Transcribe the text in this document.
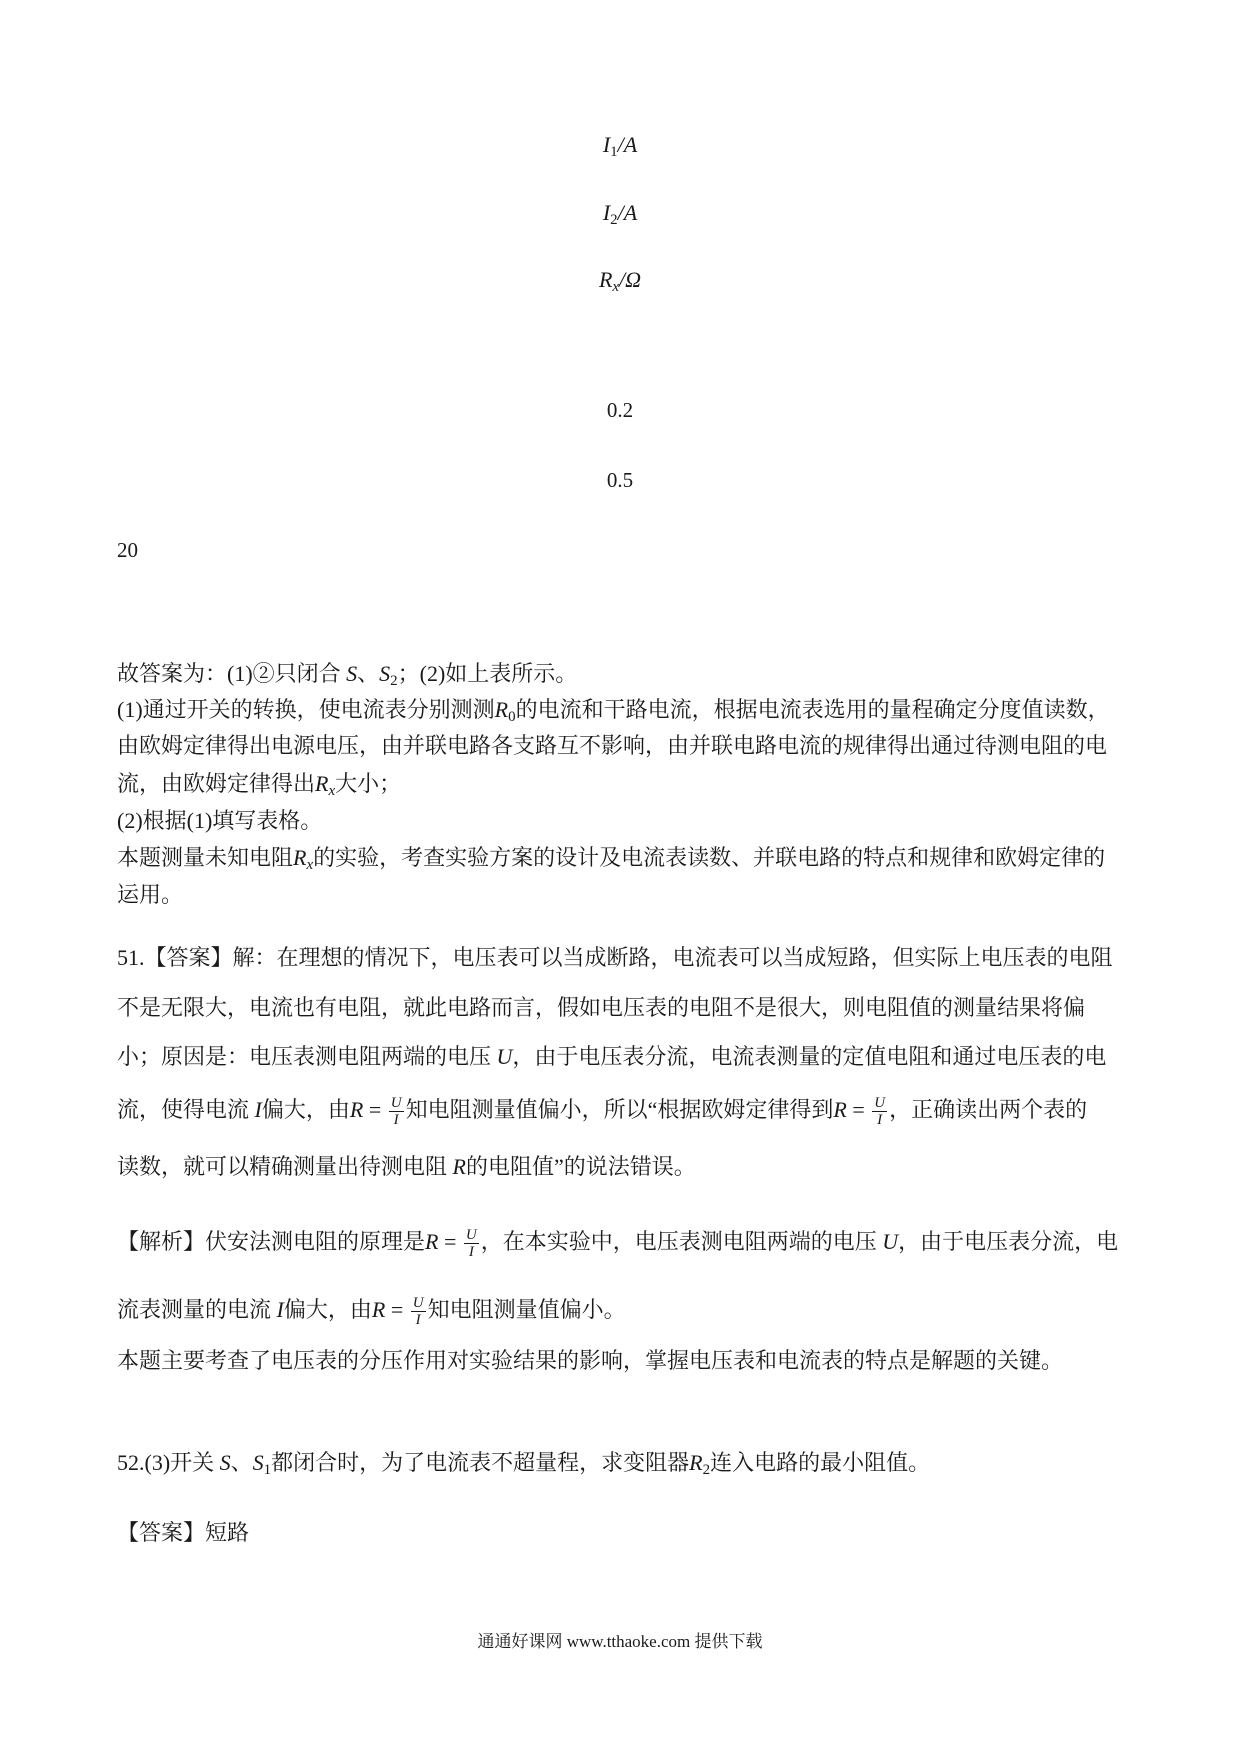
$I_1/A$
$I_2/A$
$R_x/\Omega$
0.2
0.5
20
故答案为：(1)②只闭合 S、$S_2$；(2)如上表所示。
(1)通过开关的转换，使电流表分别测测$R_0$的电流和干路电流，根据电流表选用的量程确定分度值读数，
由欧姆定律得出电源电压，由并联电路各支路互不影响，由并联电路电流的规律得出通过待测电阻的电
流，由欧姆定律得出$R_x$大小；
(2)根据(1)填写表格。
本题测量未知电阻$R_x$的实验，考查实验方案的设计及电流表读数、并联电路的特点和规律和欧姆定律的
运用。
51.【答案】解：在理想的情况下，电压表可以当成断路，电流表可以当成短路，但实际上电压表的电阻
不是无限大，电流也有电阻，就此电路而言，假如电压表的电阻不是很大，则电阻值的测量结果将偏
小；原因是：电压表测电阻两端的电压 U，由于电压表分流，电流表测量的定值电阻和通过电压表的电
流，使得电流 I偏大，由$R = \frac{U}{I}$ 知电阻测量值偏小，所以“根据欧姆定律得到$R = \frac{U}{I}$ ，正确读出两个表的
读数，就可以精确测量出待测电阻 R的电阻值”的说法错误。
【解析】伏安法测电阻的原理是$R = \frac{U}{I}$ ，在本实验中，电压表测电阻两端的电压 U，由于电压表分流，电
流表测量的电流 I偏大，由$R = \frac{U}{I}$ 知电阻测量值偏小。
本题主要考查了电压表的分压作用对实验结果的影响，掌握电压表和电流表的特点是解题的关键。
52.(3)开关 S、$S_1$都闭合时，为了电流表不超量程，求变阻器$R_2$连入电路的最小阻值。
【答案】短路
通通好课网 www.tthaoke.com 提供下载
